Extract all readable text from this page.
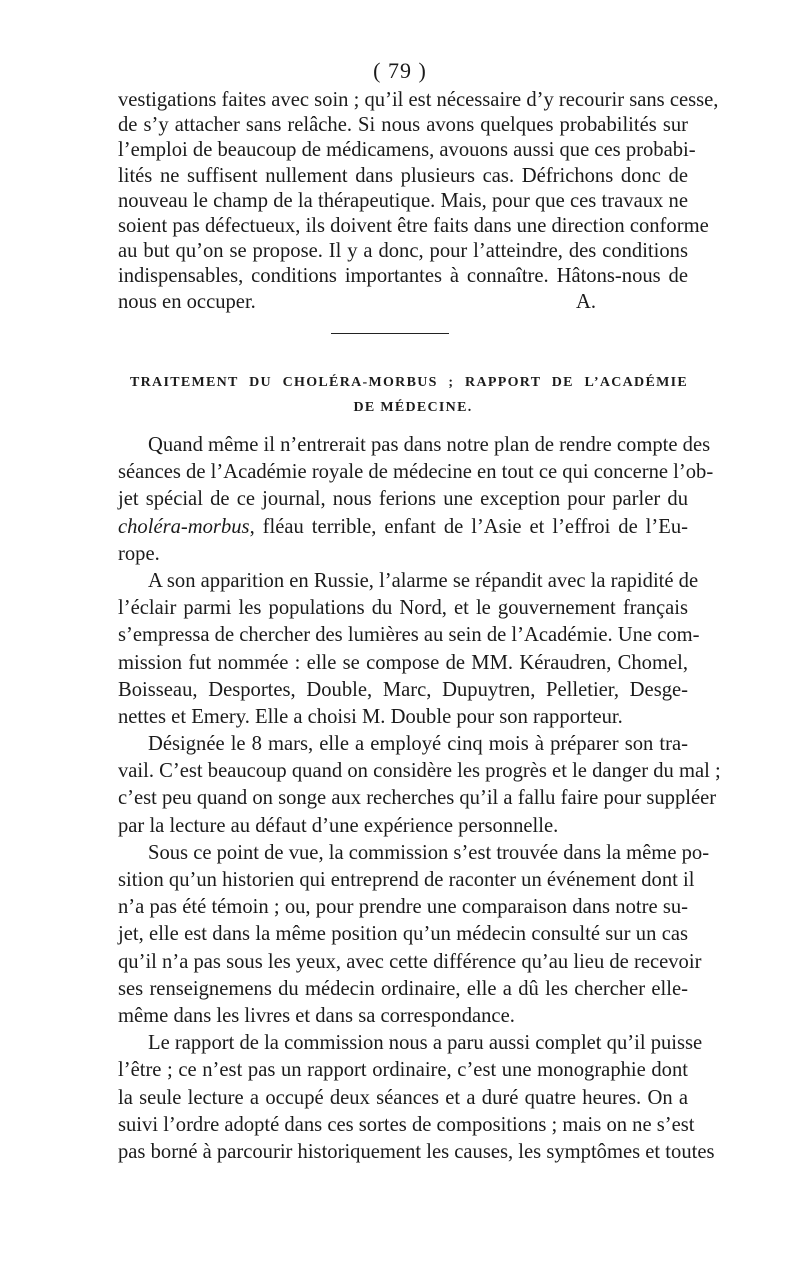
( 79 )
vestigations faites avec soin ; qu’il est nécessaire d’y recourir sans cesse,
de s’y attacher sans relâche. Si nous avons quelques probabilités sur
l’emploi de beaucoup de médicamens, avouons aussi que ces probabi-
lités ne suffisent nullement dans plusieurs cas. Défrichons donc de
nouveau le champ de la thérapeutique. Mais, pour que ces travaux ne
soient pas défectueux, ils doivent être faits dans une direction conforme
au but qu’on se propose. Il y a donc, pour l’atteindre, des conditions
indispensables, conditions importantes à connaître. Hâtons-nous de
nous en occuper.	A.
TRAITEMENT DU CHOLÉRA-MORBUS ; RAPPORT DE L’ACADÉMIE
DE MÉDECINE.
Quand même il n’entrerait pas dans notre plan de rendre compte des
séances de l’Académie royale de médecine en tout ce qui concerne l’ob-
jet spécial de ce journal, nous ferions une exception pour parler du
choléra-morbus, fléau terrible, enfant de l’Asie et l’effroi de l’Eu-
rope.
A son apparition en Russie, l’alarme se répandit avec la rapidité de
l’éclair parmi les populations du Nord, et le gouvernement français
s’empressa de chercher des lumières au sein de l’Académie. Une com-
mission fut nommée : elle se compose de MM. Kéraudren, Chomel,
Boisseau, Desportes, Double, Marc, Dupuytren, Pelletier, Desge-
nettes et Emery. Elle a choisi M. Double pour son rapporteur.
Désignée le 8 mars, elle a employé cinq mois à préparer son tra-
vail. C’est beaucoup quand on considère les progrès et le danger du mal ;
c’est peu quand on songe aux recherches qu’il a fallu faire pour suppléer
par la lecture au défaut d’une expérience personnelle.
Sous ce point de vue, la commission s’est trouvée dans la même po-
sition qu’un historien qui entreprend de raconter un événement dont il
n’a pas été témoin ; ou, pour prendre une comparaison dans notre su-
jet, elle est dans la même position qu’un médecin consulté sur un cas
qu’il n’a pas sous les yeux, avec cette différence qu’au lieu de recevoir
ses renseignemens du médecin ordinaire, elle a dû les chercher elle-
même dans les livres et dans sa correspondance.
Le rapport de la commission nous a paru aussi complet qu’il puisse
l’être ; ce n’est pas un rapport ordinaire, c’est une monographie dont
la seule lecture a occupé deux séances et a duré quatre heures. On a
suivi l’ordre adopté dans ces sortes de compositions ; mais on ne s’est
pas borné à parcourir historiquement les causes, les symptômes et toutes
